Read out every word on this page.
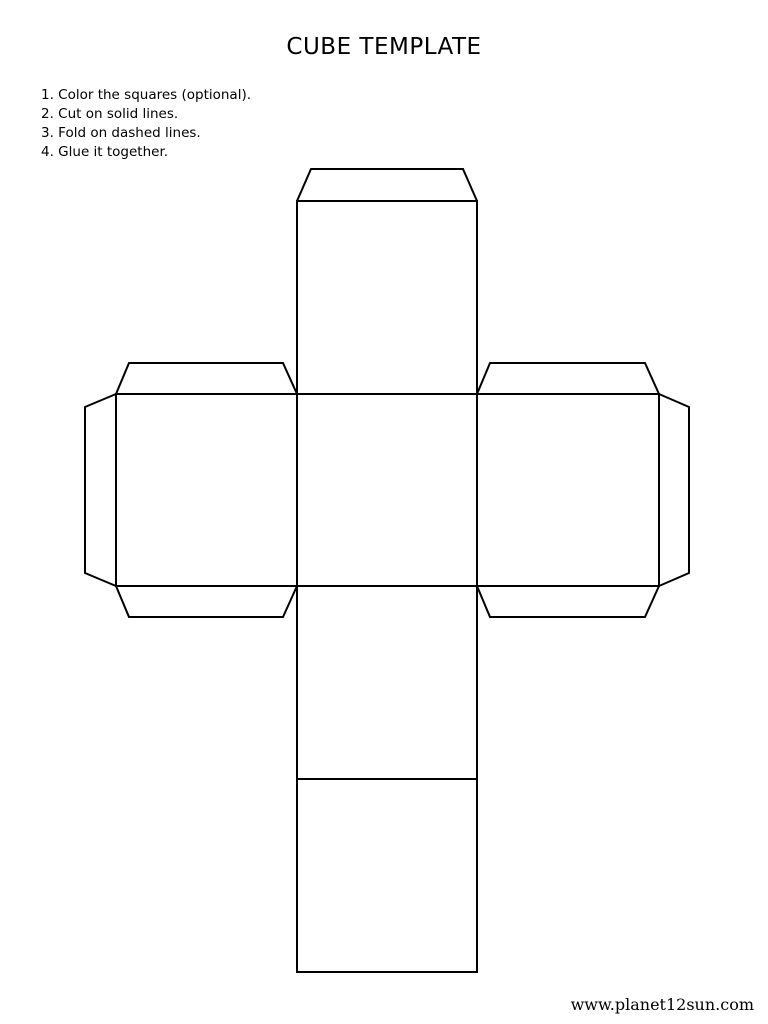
CUBE TEMPLATE
1. Color the squares (optional).
2. Cut on solid lines.
3. Fold on dashed lines.
4. Glue it together.
www.planet12sun.com
